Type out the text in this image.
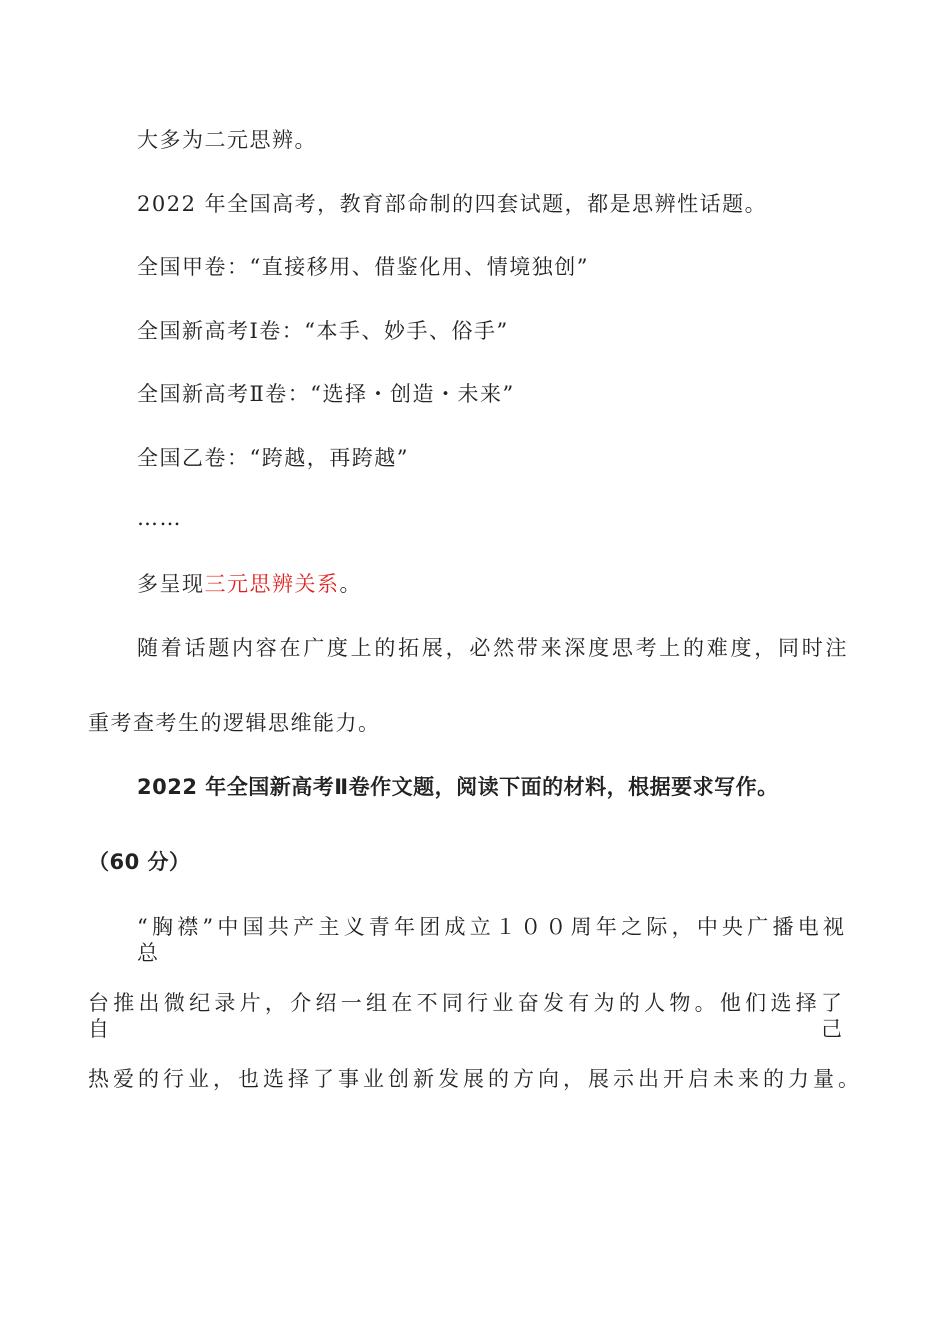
大多为二元思辨。
2022 年全国高考，教育部命制的四套试题，都是思辨性话题。
全国甲卷：“直接移用、借鉴化用、情境独创”
全国新高考Ⅰ卷：“本手、妙手、俗手”
全国新高考Ⅱ卷：“选择・创造・未来”
全国乙卷：“跨越，再跨越”
……
多呈现三元思辨关系。
随着话题内容在广度上的拓展，必然带来深度思考上的难度，同时注
重考查考生的逻辑思维能力。
2022 年全国新高考Ⅱ卷作文题，阅读下面的材料，根据要求写作。
（60 分）
“胸襟”中国共产主义青年团成立１００周年之际，中央广播电视总
台推出微纪录片，介绍一组在不同行业奋发有为的人物。他们选择了自己
热爱的行业，也选择了事业创新发展的方向，展示出开启未来的力量。
